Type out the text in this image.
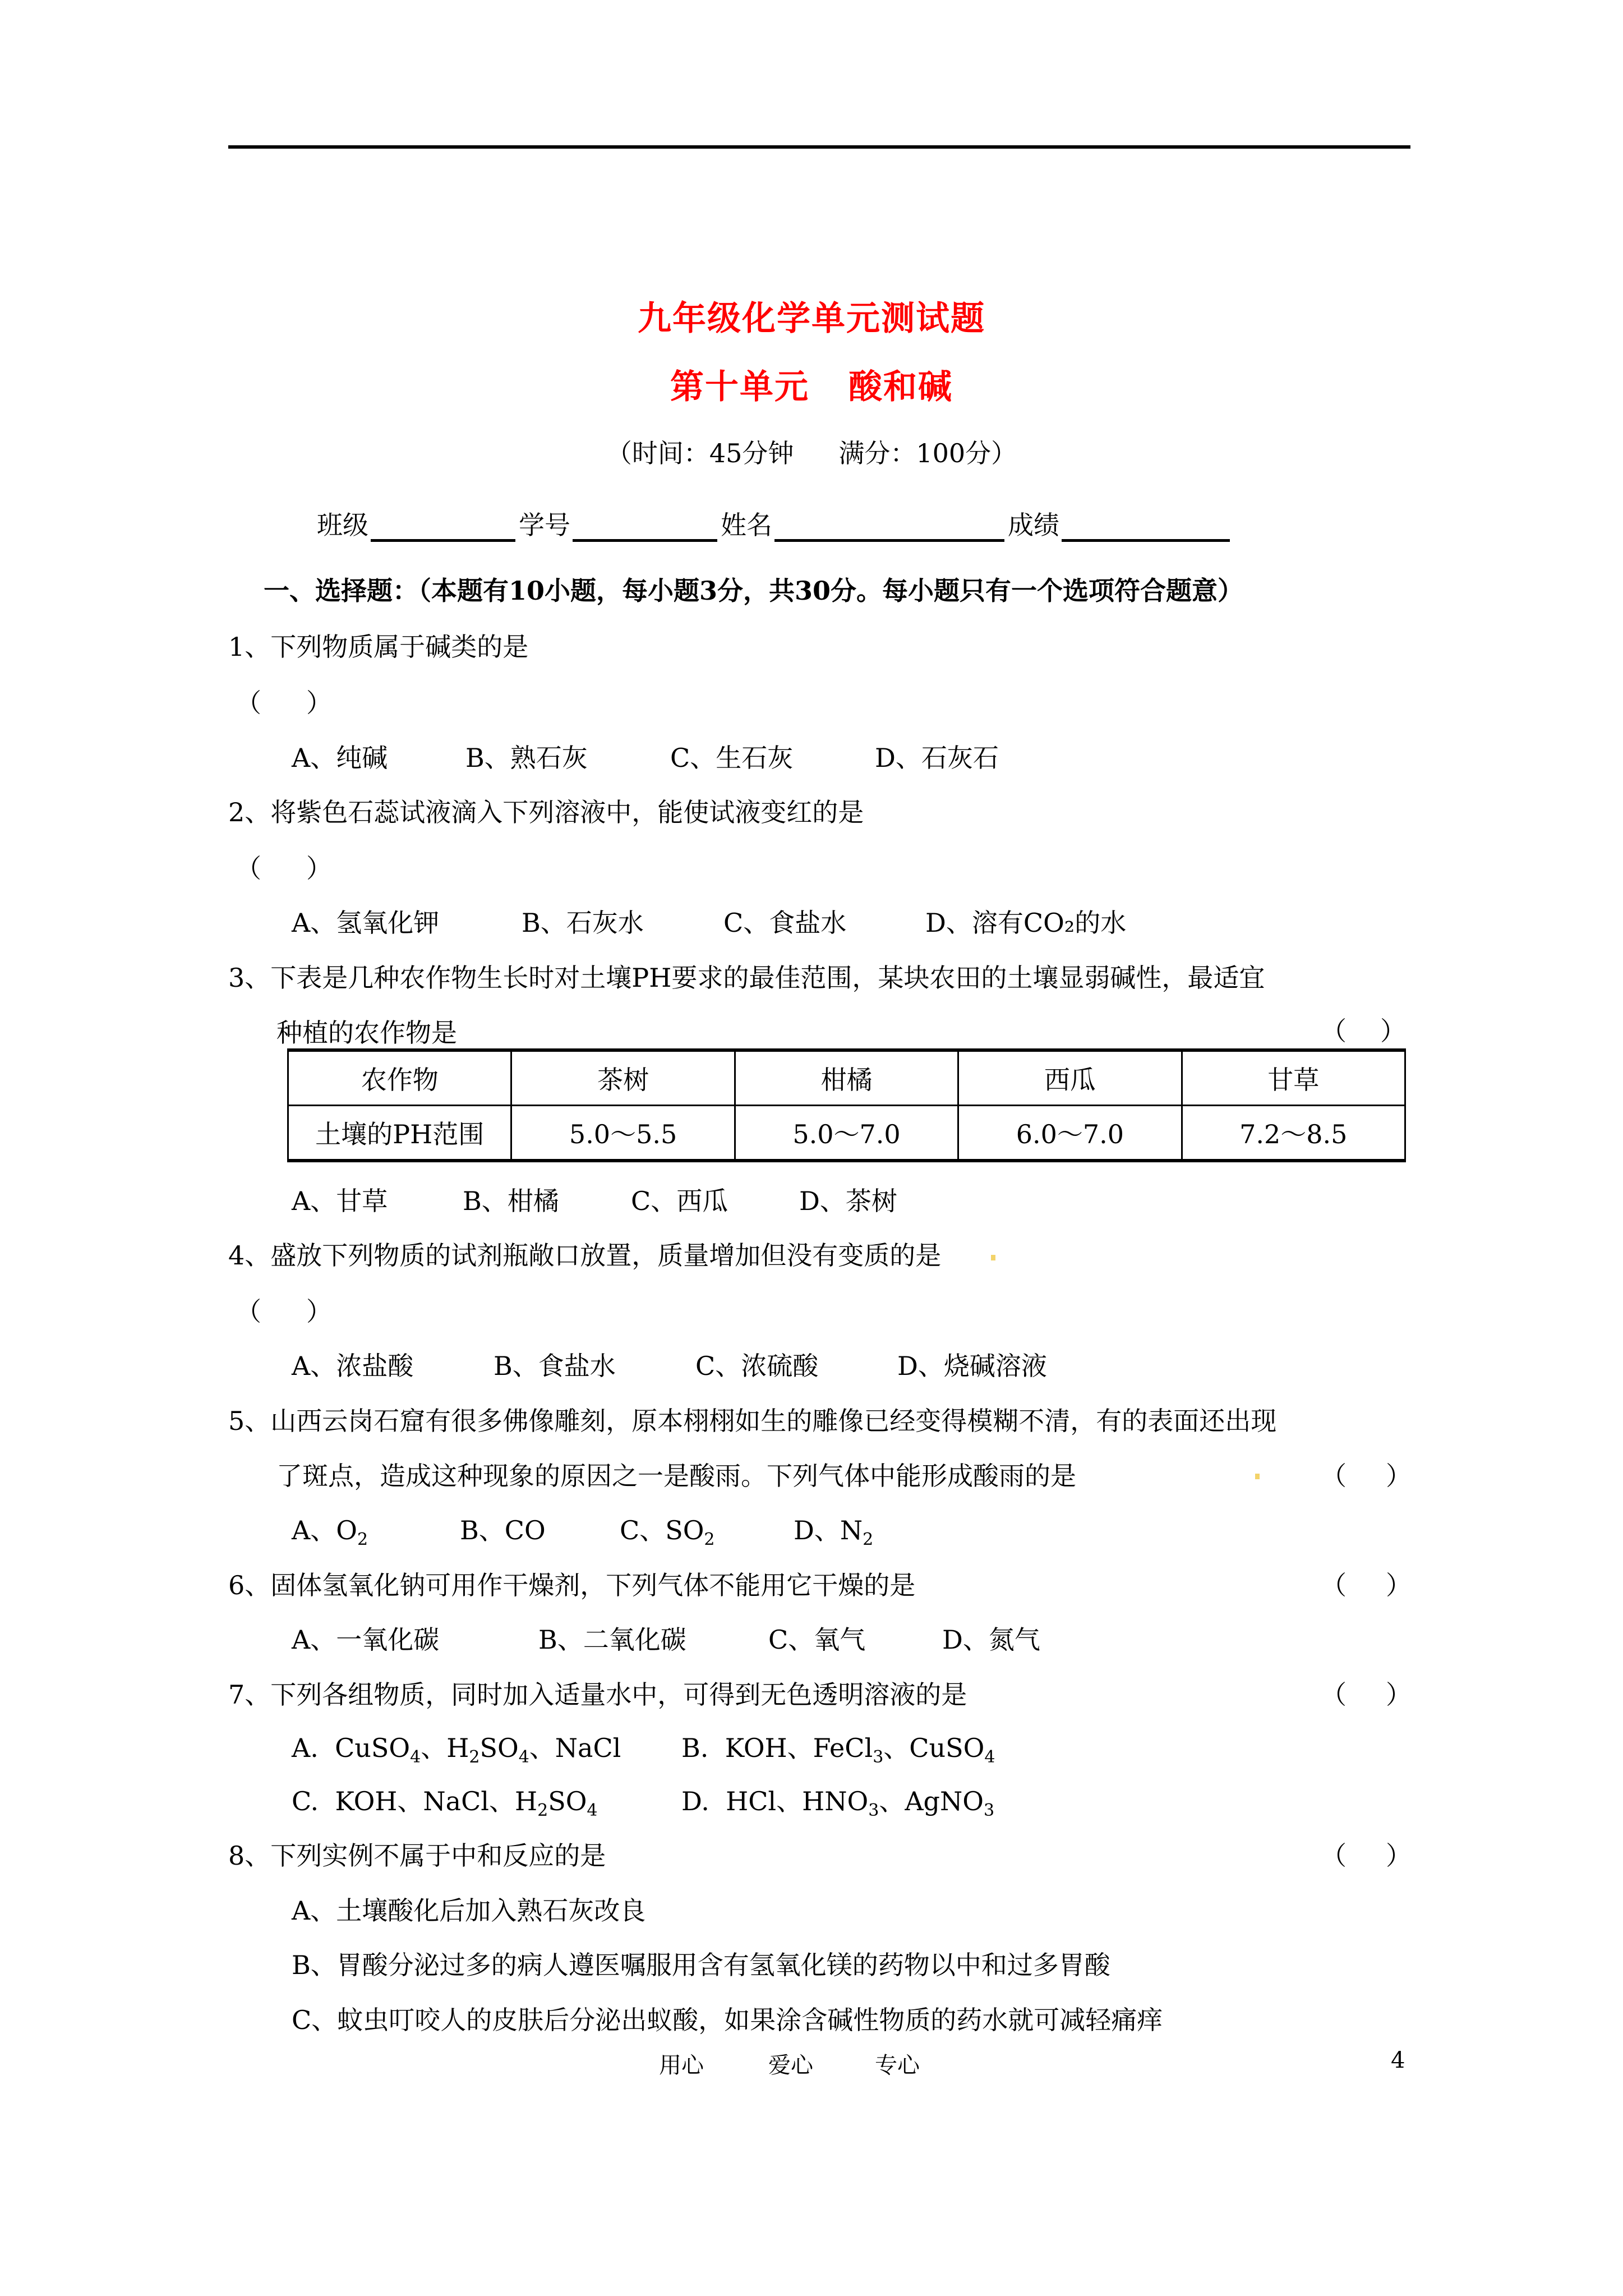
九年级化学单元测试题
第十单元 酸和碱
（时间：45分钟 满分：100分）
班级	学号	姓名	成绩
一、选择题：（本题有10小题，每小题3分，共30分。每小题只有一个选项符合题意）
1、下列物质属于碱类的是
（ ）
A、纯碱	B、熟石灰	C、生石灰	D、石灰石
2、将紫色石蕊试液滴入下列溶液中，能使试液变红的是
（ ）
A、氢氧化钾	B、石灰水	C、食盐水	D、溶有CO₂的水
3、下表是几种农作物生长时对土壤PH要求的最佳范围，某块农田的土壤显弱碱性，最适宜
种植的农作物是	（ ）
农作物	茶树	柑橘	西瓜	甘草
土壤的PH范围	5.0～5.5	5.0～7.0	6.0～7.0	7.2～8.5
A、甘草	B、柑橘	C、西瓜	D、茶树
4、盛放下列物质的试剂瓶敞口放置，质量增加但没有变质的是
（ ）
A、浓盐酸	B、食盐水	C、浓硫酸	D、烧碱溶液
5、山西云岗石窟有很多佛像雕刻，原本栩栩如生的雕像已经变得模糊不清，有的表面还出现
了斑点，造成这种现象的原因之一是酸雨。下列气体中能形成酸雨的是	（ ）
A、$O_2$	B、CO	C、$SO_2$	D、$N_2$
6、固体氢氧化钠可用作干燥剂，下列气体不能用它干燥的是	（ ）
A、一氧化碳	B、二氧化碳	C、氧气	D、氮气
7、下列各组物质，同时加入适量水中，可得到无色透明溶液的是	（ ）
A. CuSO$_4$、$H_2SO_4$、NaCl B. KOH、FeCl$_3$、CuSO$_4$
C. KOH、NaCl、$H_2SO_4$	D. HCl、$HNO_3$、AgNO$_3$
8、下列实例不属于中和反应的是	（ ）
A、土壤酸化后加入熟石灰改良
B、胃酸分泌过多的病人遵医嘱服用含有氢氧化镁的药物以中和过多胃酸
C、蚊虫叮咬人的皮肤后分泌出蚁酸，如果涂含碱性物质的药水就可减轻痛痒
用心	爱心	专心	4
